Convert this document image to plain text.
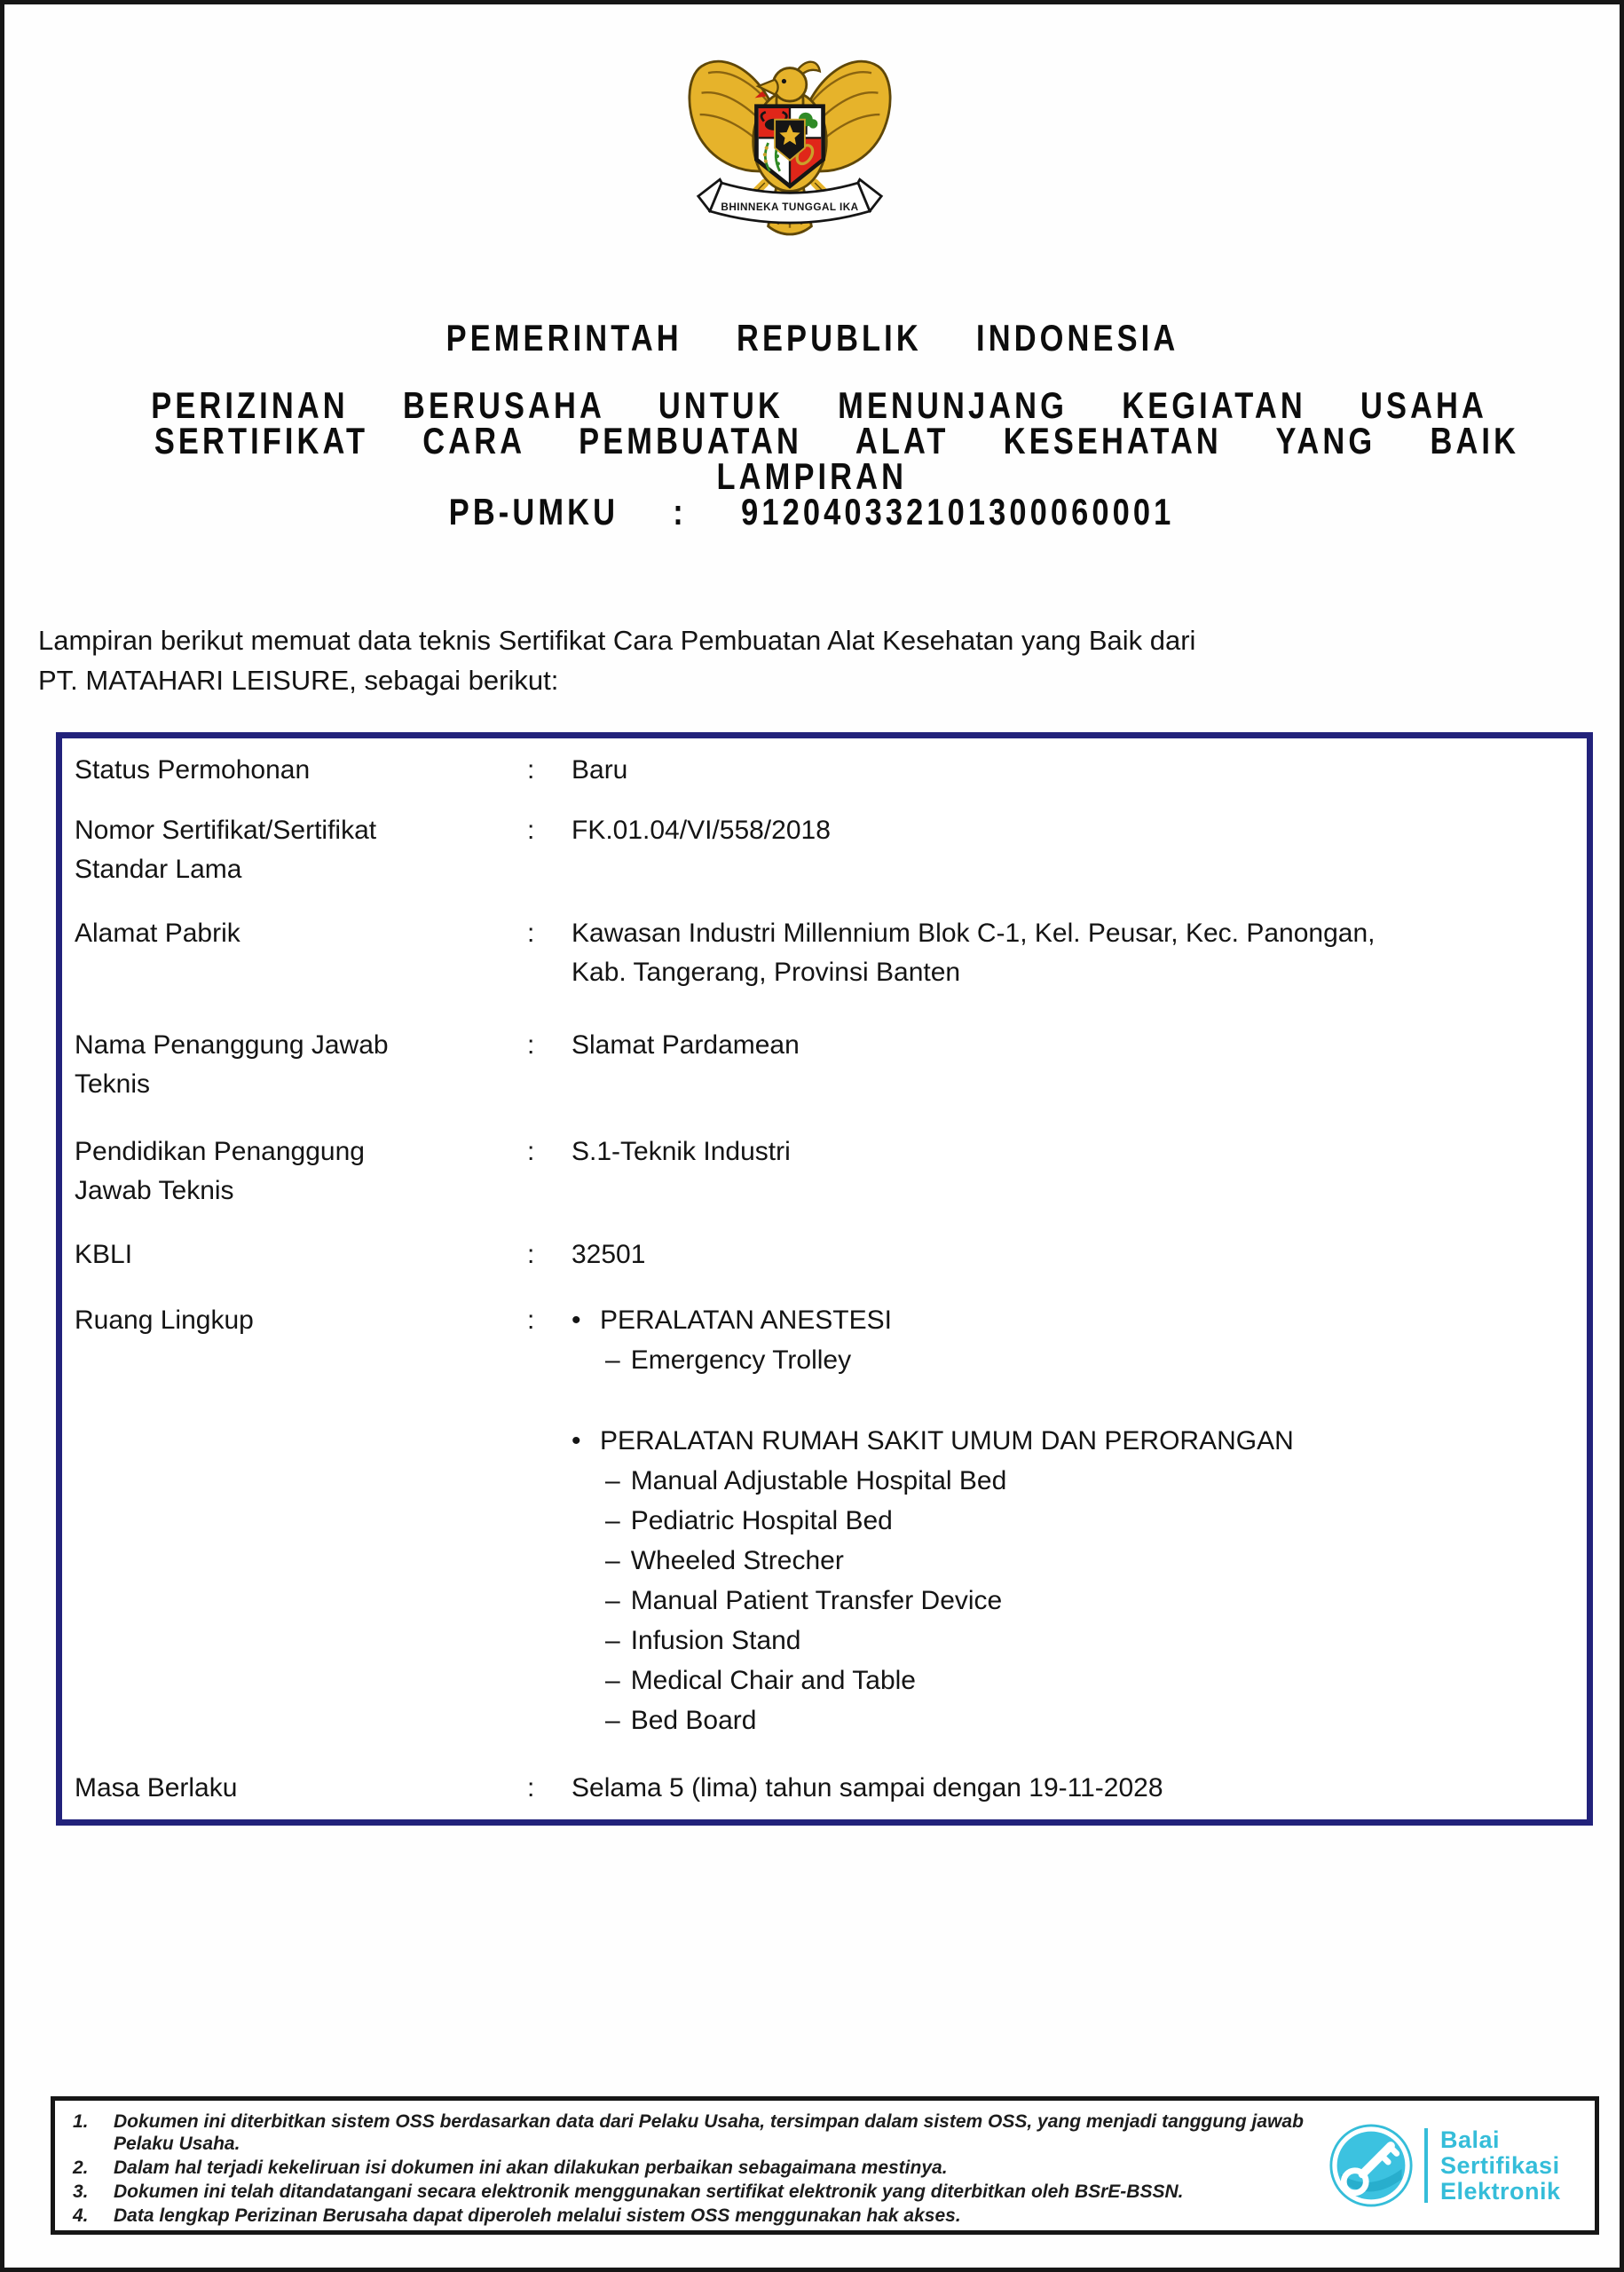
BHINNEKA TUNGGAL IKA
PEMERINTAH REPUBLIK INDONESIA
PERIZINAN BERUSAHA UNTUK MENUNJANG KEGIATAN USAHA
SERTIFIKAT CARA PEMBUATAN ALAT KESEHATAN YANG BAIK
LAMPIRAN
PB-UMKU : 912040332101300060001
Lampiran berikut memuat data teknis Sertifikat Cara Pembuatan Alat Kesehatan yang Baik dari
PT. MATAHARI LEISURE, sebagai berikut:
Status Permohonan	:	Baru
Nomor Sertifikat/Sertifikat
Standar Lama
:	FK.01.04/VI/558/2018
Alamat Pabrik	:	Kawasan Industri Millennium Blok C-1, Kel. Peusar, Kec. Panongan,
Kab. Tangerang, Provinsi Banten
Nama Penanggung Jawab
Teknis
:	Slamat Pardamean
Pendidikan Penanggung
Jawab Teknis
:	S.1-Teknik Industri
KBLI	:	32501
Ruang Lingkup	:	• PERALATAN ANESTESI
– Emergency Trolley
• PERALATAN RUMAH SAKIT UMUM DAN PERORANGAN
– Manual Adjustable Hospital Bed
– Pediatric Hospital Bed
– Wheeled Strecher
– Manual Patient Transfer Device
– Infusion Stand
– Medical Chair and Table
– Bed Board
Masa Berlaku	:	Selama 5 (lima) tahun sampai dengan 19-11-2028
1.	Dokumen ini diterbitkan sistem OSS berdasarkan data dari Pelaku Usaha, tersimpan dalam sistem OSS, yang menjadi tanggung jawab
Pelaku Usaha.
2.	Dalam hal terjadi kekeliruan isi dokumen ini akan dilakukan perbaikan sebagaimana mestinya.
3.	Dokumen ini telah ditandatangani secara elektronik menggunakan sertifikat elektronik yang diterbitkan oleh BSrE-BSSN.
4.	Data lengkap Perizinan Berusaha dapat diperoleh melalui sistem OSS menggunakan hak akses.
Balai
Sertifikasi
Elektronik
